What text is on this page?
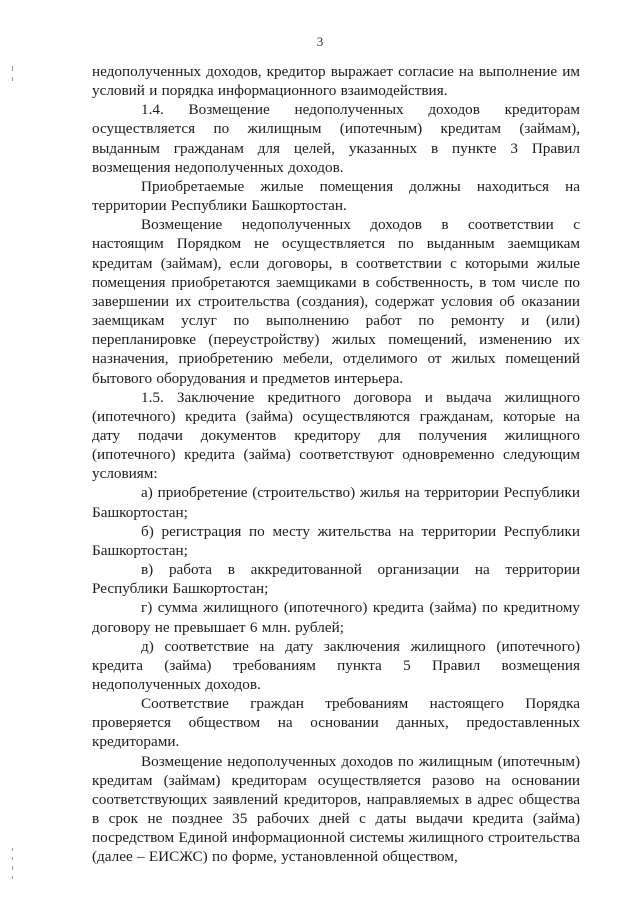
3

недополученных доходов, кредитор выражает согласие на выполнение им условий и порядка информационного взаимодействия.

1.4. Возмещение недополученных доходов кредиторам осуществляется по жилищным (ипотечным) кредитам (займам), выданным гражданам для целей, указанных в пункте 3 Правил возмещения недополученных доходов.

Приобретаемые жилые помещения должны находиться на территории Республики Башкортостан.

Возмещение недополученных доходов в соответствии с настоящим Порядком не осуществляется по выданным заемщикам кредитам (займам), если договоры, в соответствии с которыми жилые помещения приобретаются заемщиками в собственность, в том числе по завершении их строительства (создания), содержат условия об оказании заемщикам услуг по выполнению работ по ремонту и (или) перепланировке (переустройству) жилых помещений, изменению их назначения, приобретению мебели, отделимого от жилых помещений бытового оборудования и предметов интерьера.

1.5. Заключение кредитного договора и выдача жилищного (ипотечного) кредита (займа) осуществляются гражданам, которые на дату подачи документов кредитору для получения жилищного (ипотечного) кредита (займа) соответствуют одновременно следующим условиям:

а) приобретение (строительство) жилья на территории Республики Башкортостан;

б) регистрация по месту жительства на территории Республики Башкортостан;

в) работа в аккредитованной организации на территории Республики Башкортостан;

г) сумма жилищного (ипотечного) кредита (займа) по кредитному договору не превышает 6 млн. рублей;

д) соответствие на дату заключения жилищного (ипотечного) кредита (займа) требованиям пункта 5 Правил возмещения недополученных доходов.

Соответствие граждан требованиям настоящего Порядка проверяется обществом на основании данных, предоставленных кредиторами.

Возмещение недополученных доходов по жилищным (ипотечным) кредитам (займам) кредиторам осуществляется разово на основании соответствующих заявлений кредиторов, направляемых в адрес общества в срок не позднее 35 рабочих дней с даты выдачи кредита (займа) посредством Единой информационной системы жилищного строительства (далее – ЕИСЖС) по форме, установленной обществом,
